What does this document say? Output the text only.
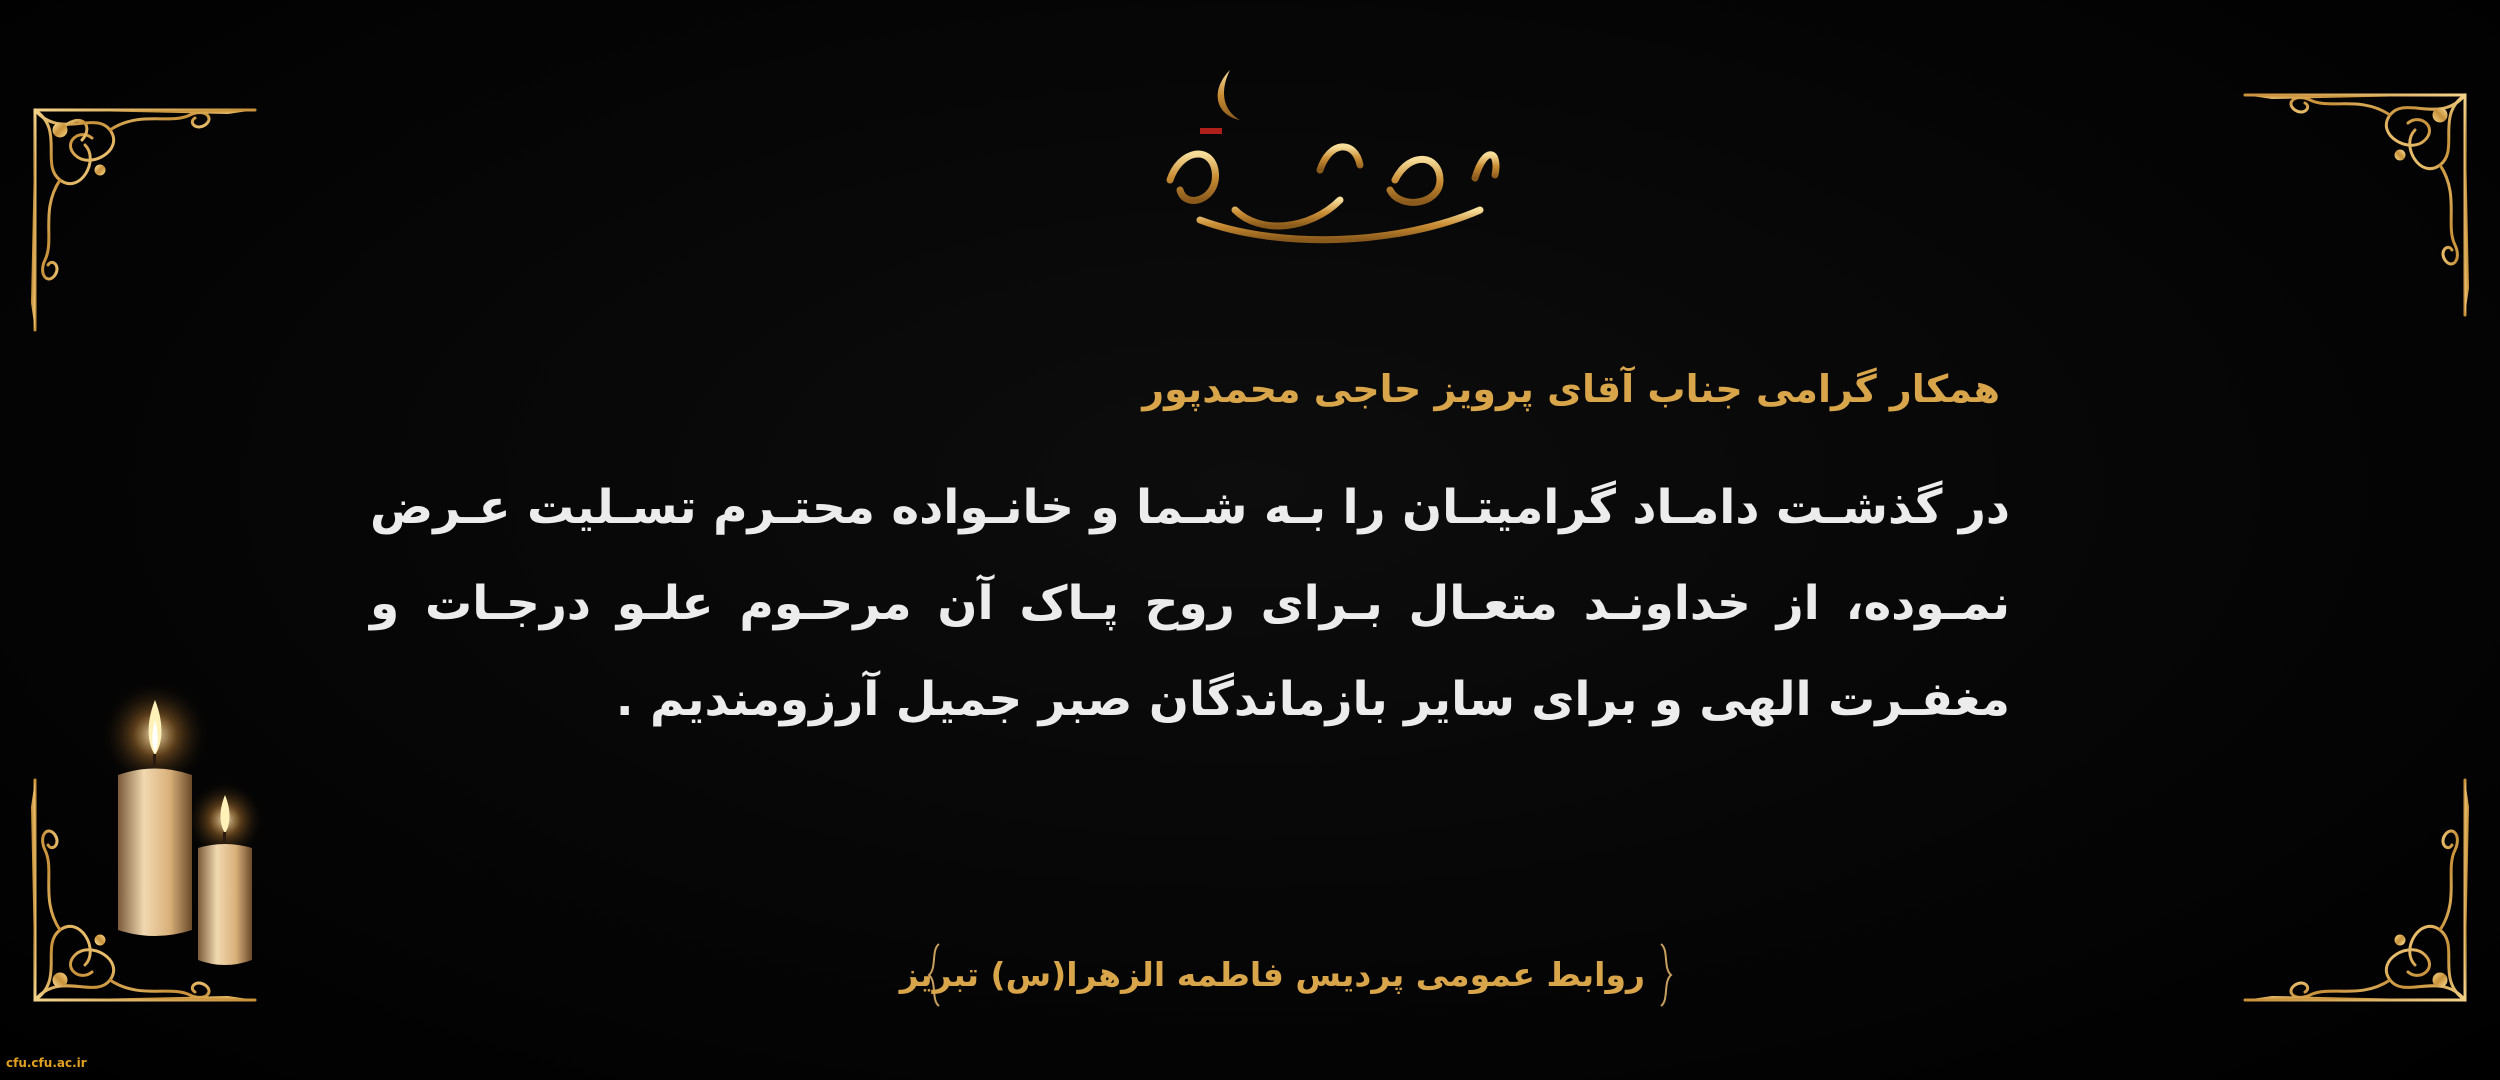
همکار گرامی جناب آقای پرویز حاجی محمدپور
در گذشـت دامـاد گرامیتـان را بـه شـما و خانـواده محتـرم تسـلیت عـرض نمـوده، از خداونـد متعـال بـرای روح پـاک آن مرحـوم علـو درجـات و مغفـرت الهی و برای سایر بازماندگان صبر جمیل آرزومندیم .
روابط عمومی پردیس فاطمه الزهرا(س) تبریز
cfu.cfu.ac.ir
